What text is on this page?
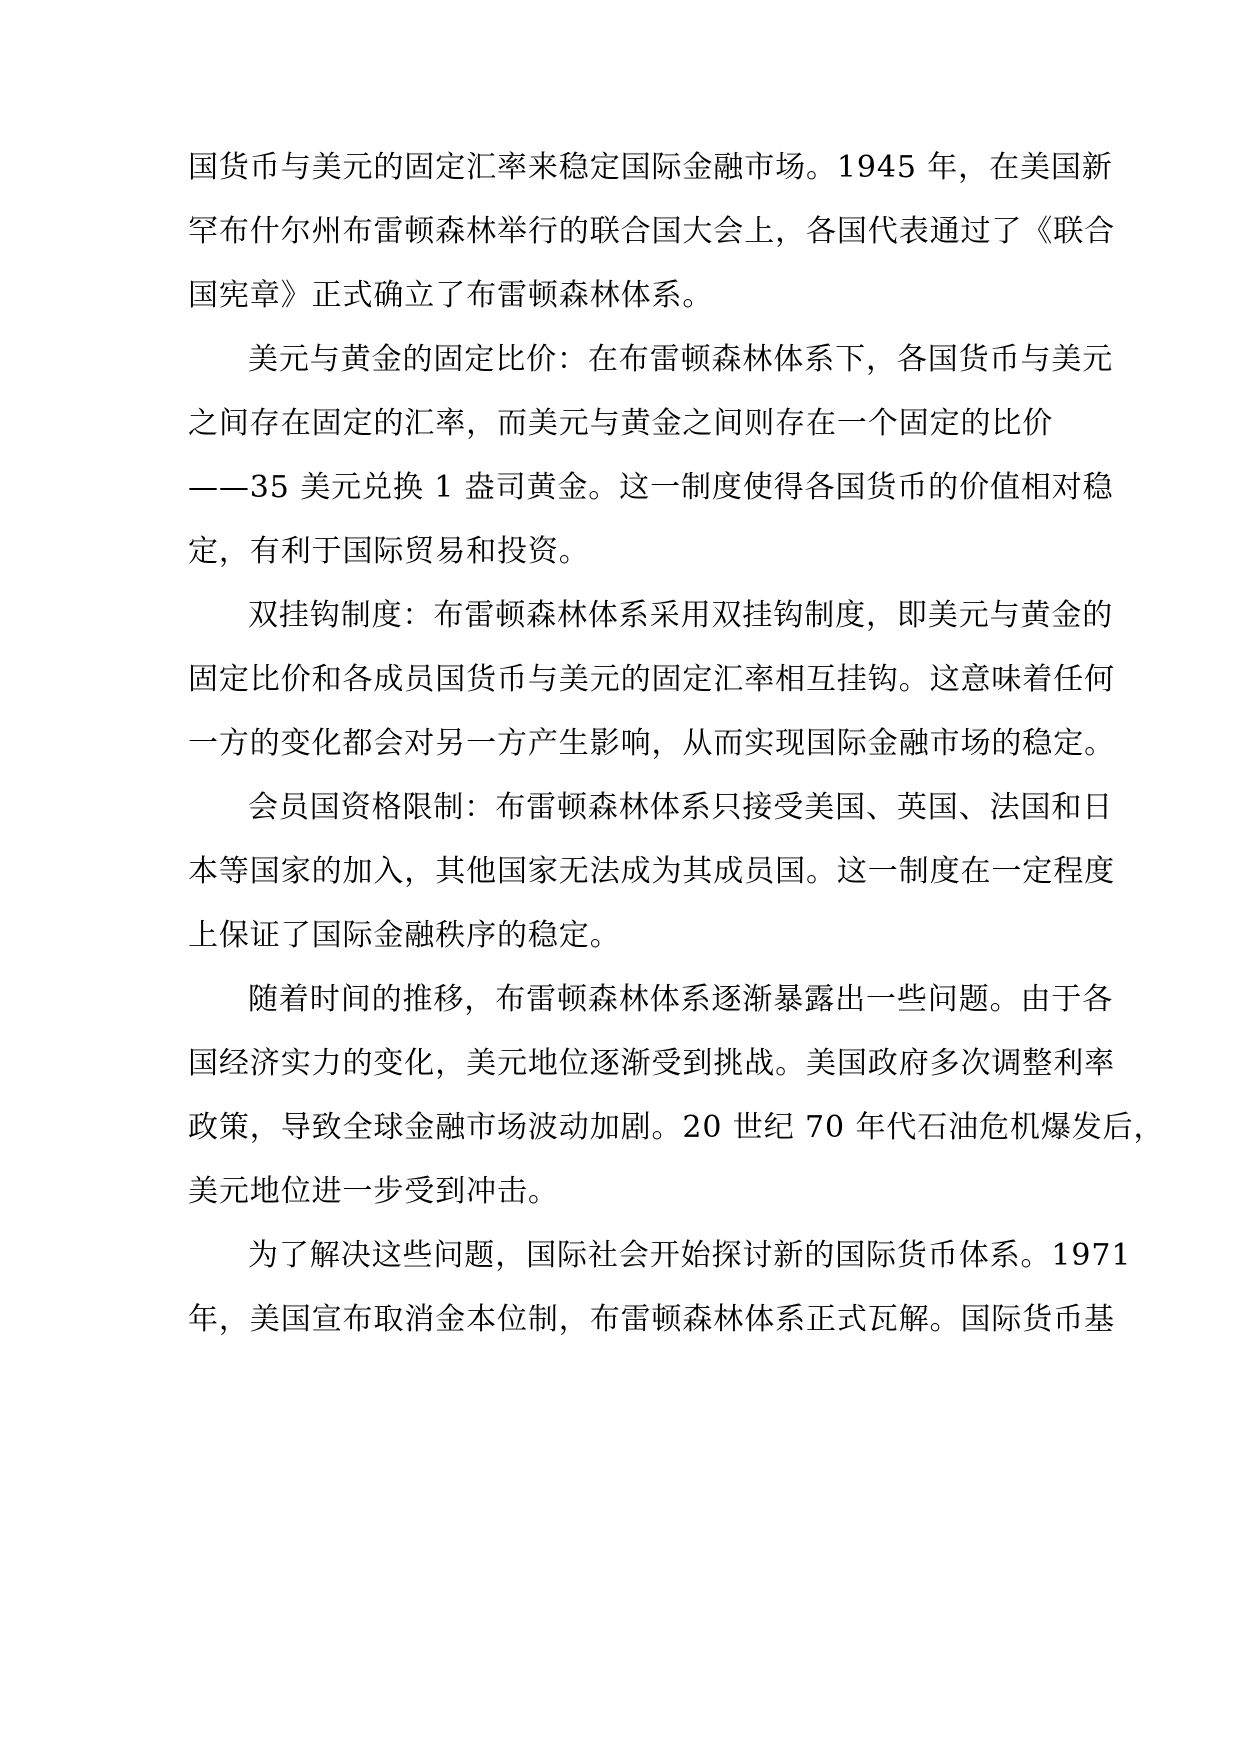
国货币与美元的固定汇率来稳定国际金融市场。1945 年，在美国新
罕布什尔州布雷顿森林举行的联合国大会上，各国代表通过了《联合
国宪章》正式确立了布雷顿森林体系。
美元与黄金的固定比价：在布雷顿森林体系下，各国货币与美元
之间存在固定的汇率，而美元与黄金之间则存在一个固定的比价
——35 美元兑换 1 盎司黄金。这一制度使得各国货币的价值相对稳
定，有利于国际贸易和投资。
双挂钩制度：布雷顿森林体系采用双挂钩制度，即美元与黄金的
固定比价和各成员国货币与美元的固定汇率相互挂钩。这意味着任何
一方的变化都会对另一方产生影响，从而实现国际金融市场的稳定。
会员国资格限制：布雷顿森林体系只接受美国、英国、法国和日
本等国家的加入，其他国家无法成为其成员国。这一制度在一定程度
上保证了国际金融秩序的稳定。
随着时间的推移，布雷顿森林体系逐渐暴露出一些问题。由于各
国经济实力的变化，美元地位逐渐受到挑战。美国政府多次调整利率
政策，导致全球金融市场波动加剧。20 世纪 70 年代石油危机爆发后，
美元地位进一步受到冲击。
为了解决这些问题，国际社会开始探讨新的国际货币体系。1971
年，美国宣布取消金本位制，布雷顿森林体系正式瓦解。国际货币基
